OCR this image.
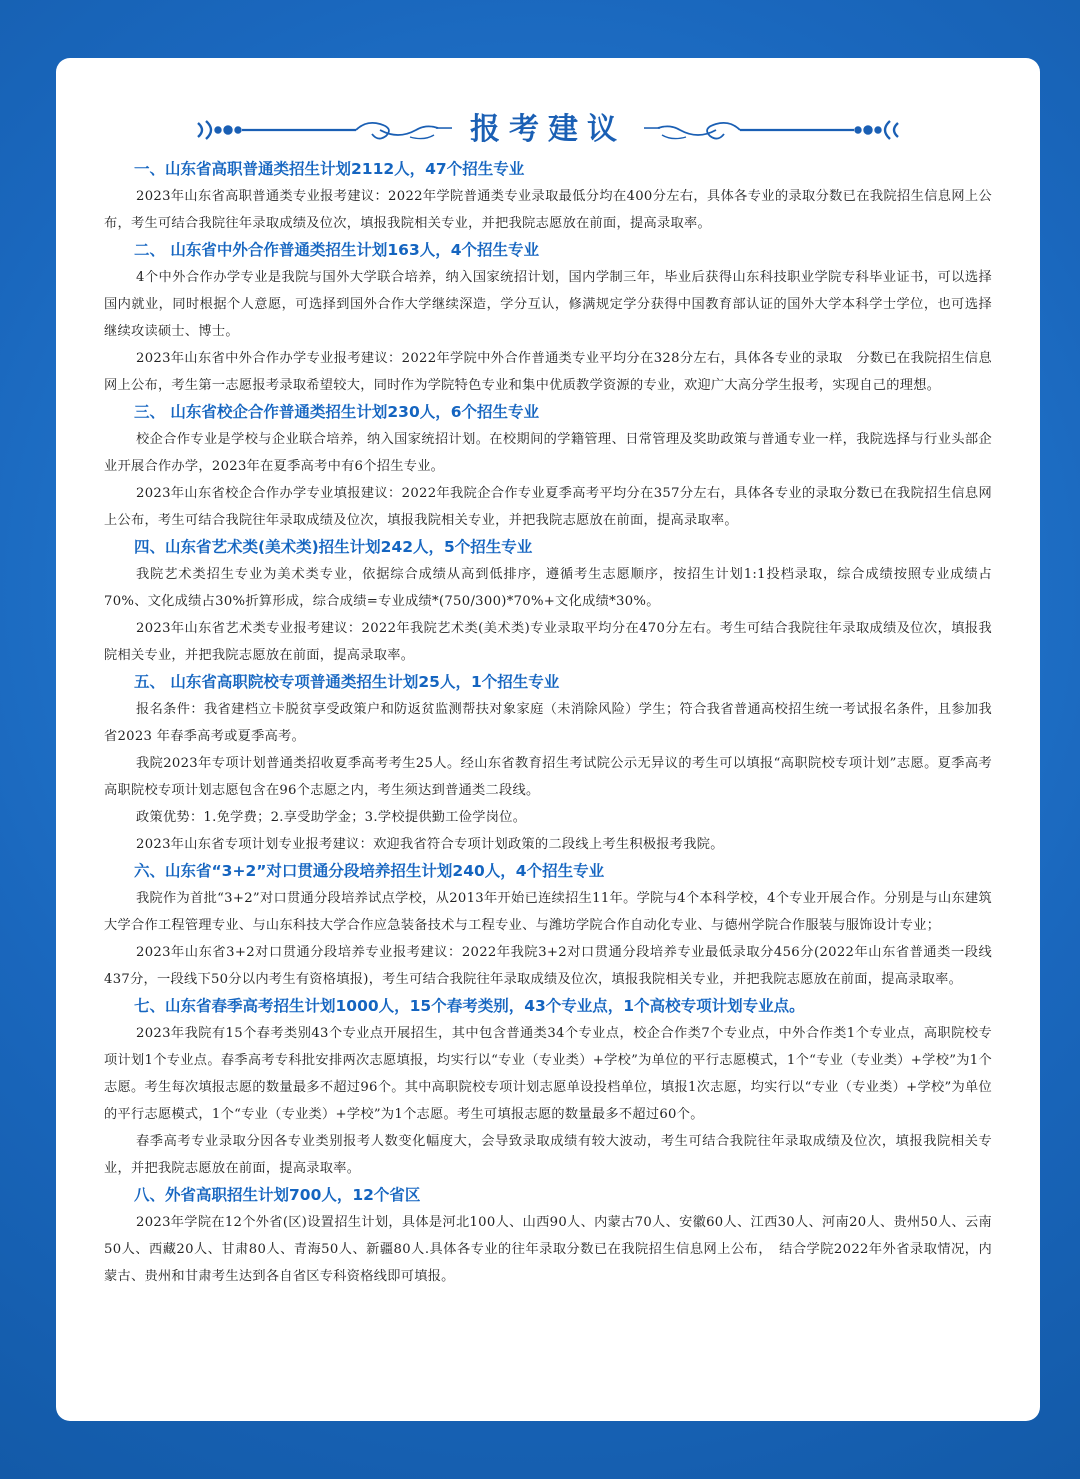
报考建议
一、山东省高职普通类招生计划2112人，47个招生专业

2023年山东省高职普通类专业报考建议：2022年学院普通类专业录取最低分均在400分左右，具体各专业的录取分数已在我院招生信息网上公布，考生可结合我院往年录取成绩及位次，填报我院相关专业，并把我院志愿放在前面，提高录取率。

二、 山东省中外合作普通类招生计划163人，4个招生专业

4个中外合作办学专业是我院与国外大学联合培养，纳入国家统招计划，国内学制三年，毕业后获得山东科技职业学院专科毕业证书，可以选择国内就业，同时根据个人意愿，可选择到国外合作大学继续深造，学分互认，修满规定学分获得中国教育部认证的国外大学本科学士学位，也可选择继续攻读硕士、博士。

2023年山东省中外合作办学专业报考建议：2022年学院中外合作普通类专业平均分在328分左右，具体各专业的录取　分数已在我院招生信息网上公布，考生第一志愿报考录取希望较大，同时作为学院特色专业和集中优质教学资源的专业，欢迎广大高分学生报考，实现自己的理想。

三、 山东省校企合作普通类招生计划230人，6个招生专业

校企合作专业是学校与企业联合培养，纳入国家统招计划。在校期间的学籍管理、日常管理及奖助政策与普通专业一样，我院选择与行业头部企业开展合作办学，2023年在夏季高考中有6个招生专业。

2023年山东省校企合作办学专业填报建议：2022年我院企合作专业夏季高考平均分在357分左右，具体各专业的录取分数已在我院招生信息网上公布，考生可结合我院往年录取成绩及位次，填报我院相关专业，并把我院志愿放在前面，提高录取率。

四、山东省艺术类(美术类)招生计划242人，5个招生专业

我院艺术类招生专业为美术类专业，依据综合成绩从高到低排序，遵循考生志愿顺序，按招生计划1:1投档录取，综合成绩按照专业成绩占70%、文化成绩占30%折算形成，综合成绩=专业成绩*(750/300)*70%+文化成绩*30%。

2023年山东省艺术类专业报考建议：2022年我院艺术类(美术类)专业录取平均分在470分左右。考生可结合我院往年录取成绩及位次，填报我院相关专业，并把我院志愿放在前面，提高录取率。

五、 山东省高职院校专项普通类招生计划25人，1个招生专业

报名条件：我省建档立卡脱贫享受政策户和防返贫监测帮扶对象家庭（未消除风险）学生；符合我省普通高校招生统一考试报名条件，且参加我省2023 年春季高考或夏季高考。

我院2023年专项计划普通类招收夏季高考考生25人。经山东省教育招生考试院公示无异议的考生可以填报“高职院校专项计划”志愿。夏季高考高职院校专项计划志愿包含在96个志愿之内，考生须达到普通类二段线。

政策优势：1.免学费；2.享受助学金；3.学校提供勤工俭学岗位。

2023年山东省专项计划专业报考建议：欢迎我省符合专项计划政策的二段线上考生积极报考我院。

六、山东省“3+2”对口贯通分段培养招生计划240人，4个招生专业

我院作为首批“3+2”对口贯通分段培养试点学校，从2013年开始已连续招生11年。学院与4个本科学校，4个专业开展合作。分别是与山东建筑大学合作工程管理专业、与山东科技大学合作应急装备技术与工程专业、与潍坊学院合作自动化专业、与德州学院合作服装与服饰设计专业；

2023年山东省3+2对口贯通分段培养专业报考建议：2022年我院3+2对口贯通分段培养专业最低录取分456分(2022年山东省普通类一段线437分，一段线下50分以内考生有资格填报)，考生可结合我院往年录取成绩及位次，填报我院相关专业，并把我院志愿放在前面，提高录取率。

七、山东省春季高考招生计划1000人，15个春考类别，43个专业点，1个高校专项计划专业点。

2023年我院有15个春考类别43个专业点开展招生，其中包含普通类34个专业点，校企合作类7个专业点，中外合作类1个专业点，高职院校专项计划1个专业点。春季高考专科批安排两次志愿填报，均实行以“专业（专业类）+学校”为单位的平行志愿模式，1个“专业（专业类）+学校”为1个志愿。考生每次填报志愿的数量最多不超过96个。其中高职院校专项计划志愿单设投档单位，填报1次志愿，均实行以“专业（专业类）+学校”为单位的平行志愿模式，1个“专业（专业类）+学校”为1个志愿。考生可填报志愿的数量最多不超过60个。

春季高考专业录取分因各专业类别报考人数变化幅度大，会导致录取成绩有较大波动，考生可结合我院往年录取成绩及位次，填报我院相关专业，并把我院志愿放在前面，提高录取率。

八、外省高职招生计划700人，12个省区

2023年学院在12个外省(区)设置招生计划，具体是河北100人、山西90人、内蒙古70人、安徽60人、江西30人、河南20人、贵州50人、云南50人、西藏20人、甘肃80人、青海50人、新疆80人.具体各专业的往年录取分数已在我院招生信息网上公布，　结合学院2022年外省录取情况，内蒙古、贵州和甘肃考生达到各自省区专科资格线即可填报。
